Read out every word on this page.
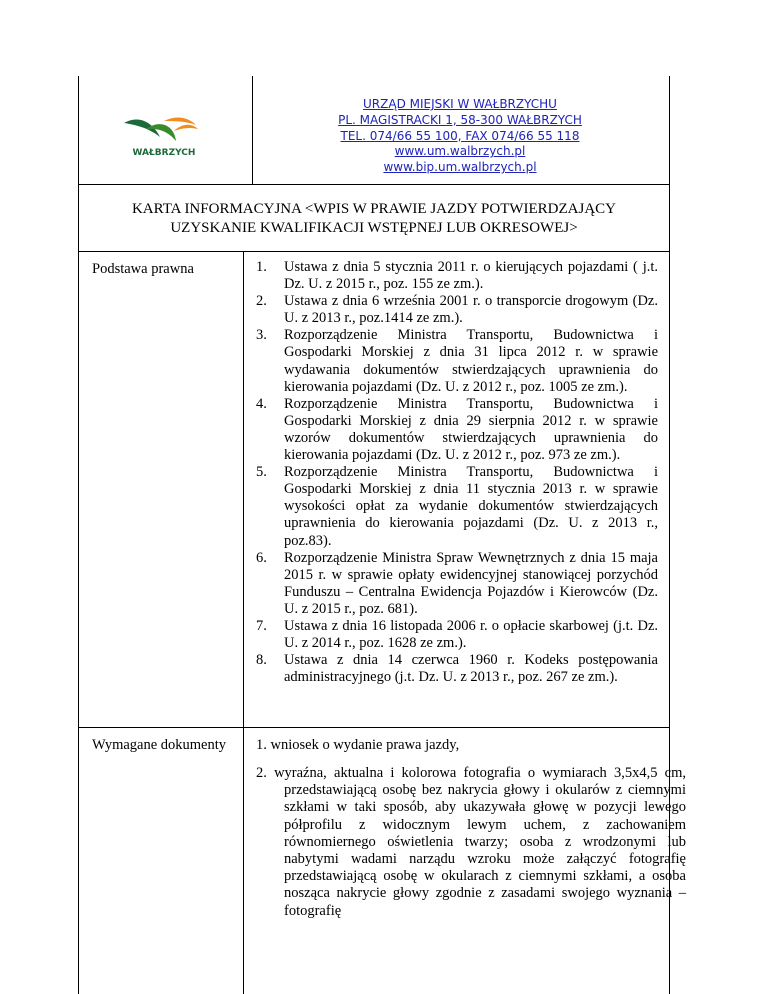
WAŁBRZYCH
URZĄD MIEJSKI W WAŁBRZYCHU
PL. MAGISTRACKI 1, 58-300 WAŁBRZYCH
TEL. 074/66 55 100, FAX 074/66 55 118
www.um.walbrzych.pl
www.bip.um.walbrzych.pl
KARTA INFORMACYJNA <WPIS W PRAWIE JAZDY POTWIERDZAJĄCY
UZYSKANIE KWALIFIKACJI WSTĘPNEJ LUB OKRESOWEJ>
Podstawa prawna	1.	Ustawa z dnia 5 stycznia 2011 r. o kierujących pojazdami ( j.t. Dz. U. z 2015 r., poz. 155 ze zm.).
2.	Ustawa z dnia 6 września 2001 r. o transporcie drogowym (Dz. U. z 2013 r., poz.1414 ze zm.).
3.	Rozporządzenie Ministra Transportu, Budownictwa i Gospodarki Morskiej z dnia 31 lipca 2012 r. w sprawie wydawania dokumentów stwierdzających uprawnienia do kierowania pojazdami (Dz. U. z 2012 r., poz. 1005 ze zm.).
4.	Rozporządzenie Ministra Transportu, Budownictwa i Gospodarki Morskiej z dnia 29 sierpnia 2012 r. w sprawie wzorów dokumentów stwierdzających uprawnienia do kierowania pojazdami (Dz. U. z 2012 r., poz. 973 ze zm.).
5.	Rozporządzenie Ministra Transportu, Budownictwa i Gospodarki Morskiej z dnia 11 stycznia 2013 r. w sprawie wysokości opłat za wydanie dokumentów stwierdzających uprawnienia do kierowania pojazdami (Dz. U. z 2013 r., poz.83).
6.	Rozporządzenie Ministra Spraw Wewnętrznych z dnia 15 maja 2015 r. w sprawie opłaty ewidencyjnej stanowiącej porzychód Funduszu – Centralna Ewidencja Pojazdów i Kierowców (Dz. U. z 2015 r., poz. 681).
7.	Ustawa z dnia 16 listopada 2006 r. o opłacie skarbowej (j.t. Dz. U. z 2014 r., poz. 1628 ze zm.).
8.	Ustawa z dnia 14 czerwca 1960 r. Kodeks postępowania administracyjnego (j.t. Dz. U. z 2013 r., poz. 267 ze zm.).
Wymagane dokumenty 1. wniosek o wydanie prawa jazdy,
2. wyraźna, aktualna i kolorowa fotografia o wymiarach 3,5x4,5 cm, przedstawiającą osobę bez nakrycia głowy i okularów z ciemnymi szkłami w taki sposób, aby ukazywała głowę w pozycji lewego półprofilu z widocznym lewym uchem, z zachowaniem równomiernego oświetlenia twarzy; osoba z wrodzonymi lub nabytymi wadami narządu wzroku może załączyć fotografię przedstawiającą osobę w okularach z ciemnymi szkłami, a osoba nosząca nakrycie głowy zgodnie z zasadami swojego wyznania – fotografię
